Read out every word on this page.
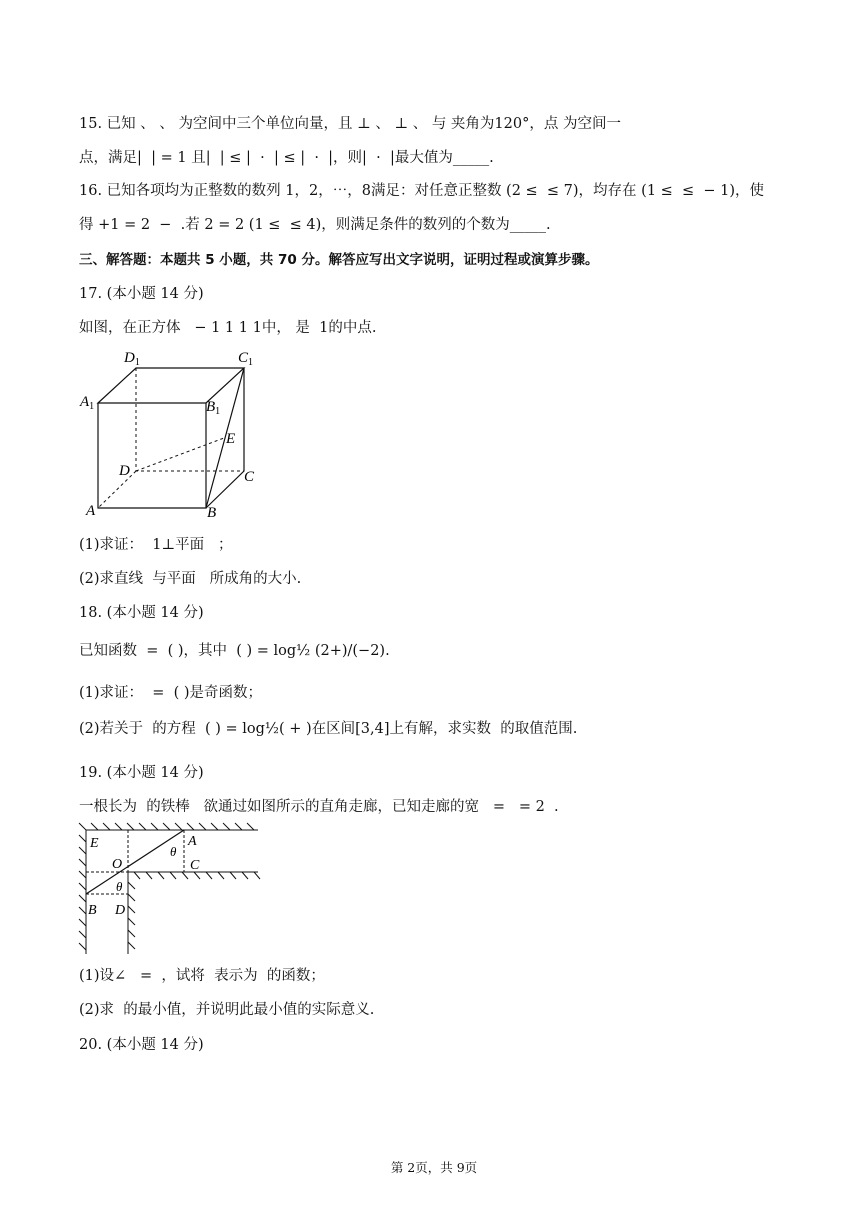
15. 已知 、 、 为空间中三个单位向量，且 ⊥ 、 ⊥ 、 与 夹角为120°，点 为空间一
点，满足|  | = 1 且|  | ≤ |  ·  | ≤ |  ·  |，则|  ·  |最大值为_____.
16. 已知各项均为正整数的数列 1，2，⋯，8满足：对任意正整数 (2 ≤  ≤ 7)，均存在 (1 ≤  ≤  − 1)，使
得 +1 = 2  −  .若 2 = 2 (1 ≤  ≤ 4)，则满足条件的数列的个数为_____.
三、解答题：本题共 5 小题，共 70 分。解答应写出文字说明，证明过程或演算步骤。
17. (本小题 14 分)
如图，在正方体   − 1 1 1 1中， 是  1的中点.
$D_1$	$C_1$
$A_1$	$B_1$
E
D	C
A	B
(1)求证：  1⊥平面   ；
(2)求直线  与平面   所成角的大小.
18. (本小题 14 分)
已知函数  =  ( )，其中  ( ) = log½ (2+)/(−2).
(1)求证：  =  ( )是奇函数；
(2)若关于  的方程  ( ) = log½( + )在区间[3,4]上有解，求实数  的取值范围.
19. (本小题 14 分)
一根长为  的铁棒   欲通过如图所示的直角走廊，已知走廊的宽   =   = 2  .
E
O
A
θ
C
θ
B D
(1)设∠   =  ，试将  表示为  的函数；
(2)求  的最小值，并说明此最小值的实际意义.
20. (本小题 14 分)
第 2页，共 9页
